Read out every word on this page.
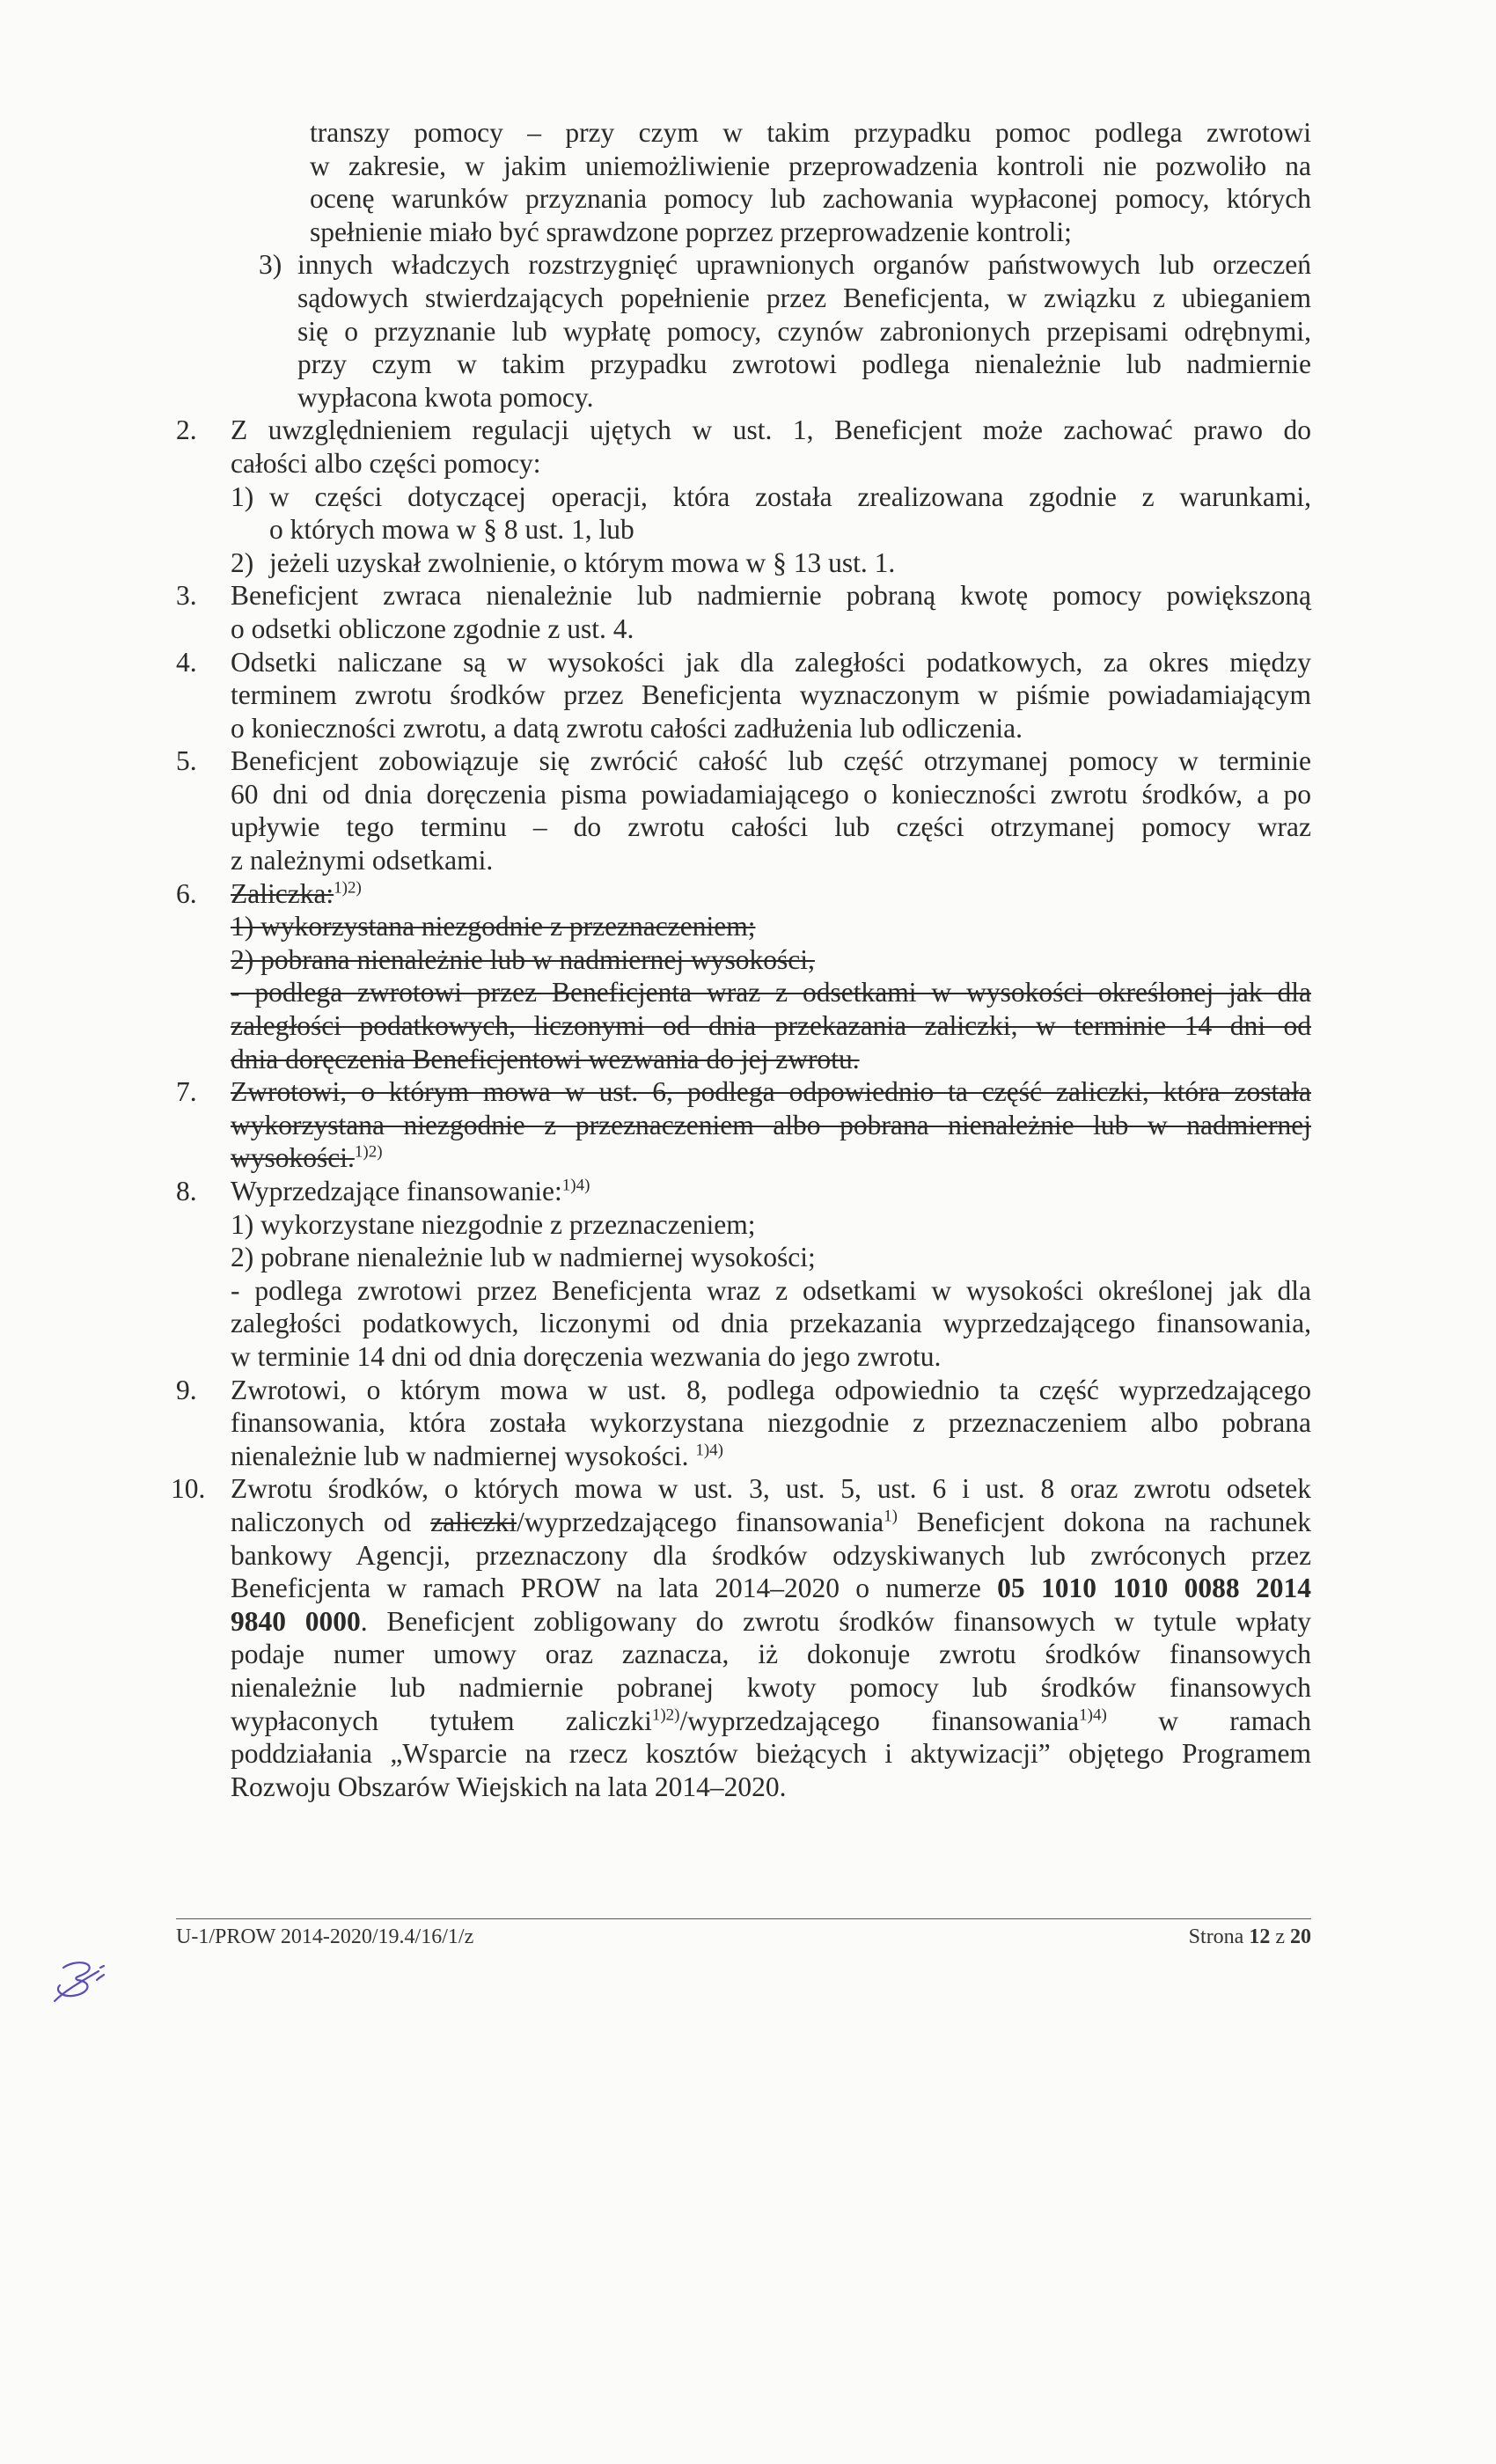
transzy pomocy – przy czym w takim przypadku pomoc podlega zwrotowi
w zakresie, w jakim uniemożliwienie przeprowadzenia kontroli nie pozwoliło na
ocenę warunków przyznania pomocy lub zachowania wypłaconej pomocy, których
spełnienie miało być sprawdzone poprzez przeprowadzenie kontroli;
3) innych władczych rozstrzygnięć uprawnionych organów państwowych lub orzeczeń
sądowych stwierdzających popełnienie przez Beneficjenta, w związku z ubieganiem
się o przyznanie lub wypłatę pomocy, czynów zabronionych przepisami odrębnymi,
przy czym w takim przypadku zwrotowi podlega nienależnie lub nadmiernie
wypłacona kwota pomocy.
2. Z uwzględnieniem regulacji ujętych w ust. 1, Beneficjent może zachować prawo do
całości albo części pomocy:
1) w części dotyczącej operacji, która została zrealizowana zgodnie z warunkami,
o których mowa w § 8 ust. 1, lub
2) jeżeli uzyskał zwolnienie, o którym mowa w § 13 ust. 1.
3. Beneficjent zwraca nienależnie lub nadmiernie pobraną kwotę pomocy powiększoną
o odsetki obliczone zgodnie z ust. 4.
4. Odsetki naliczane są w wysokości jak dla zaległości podatkowych, za okres między
terminem zwrotu środków przez Beneficjenta wyznaczonym w piśmie powiadamiającym
o konieczności zwrotu, a datą zwrotu całości zadłużenia lub odliczenia.
5. Beneficjent zobowiązuje się zwrócić całość lub część otrzymanej pomocy w terminie
60 dni od dnia doręczenia pisma powiadamiającego o konieczności zwrotu środków, a po
upływie tego terminu – do zwrotu całości lub części otrzymanej pomocy wraz
z należnymi odsetkami.
6. Zaliczka:$^{1)2)}$
1) wykorzystana niezgodnie z przeznaczeniem;
2) pobrana nienależnie lub w nadmiernej wysokości,
- podlega zwrotowi przez Beneficjenta wraz z odsetkami w wysokości określonej jak dla
zaległości podatkowych, liczonymi od dnia przekazania zaliczki, w terminie 14 dni od
dnia doręczenia Beneficjentowi wezwania do jej zwrotu.
7. Zwrotowi, o którym mowa w ust. 6, podlega odpowiednio ta część zaliczki, która została
wykorzystana niezgodnie z przeznaczeniem albo pobrana nienależnie lub w nadmiernej
wysokości.$^{1)2)}$
8. Wyprzedzające finansowanie:$^{1)4)}$
1) wykorzystane niezgodnie z przeznaczeniem;
2) pobrane nienależnie lub w nadmiernej wysokości;
- podlega zwrotowi przez Beneficjenta wraz z odsetkami w wysokości określonej jak dla
zaległości podatkowych, liczonymi od dnia przekazania wyprzedzającego finansowania,
w terminie 14 dni od dnia doręczenia wezwania do jego zwrotu.
9. Zwrotowi, o którym mowa w ust. 8, podlega odpowiednio ta część wyprzedzającego
finansowania, która została wykorzystana niezgodnie z przeznaczeniem albo pobrana
nienależnie lub w nadmiernej wysokości. $^{1)4)}$
10. Zwrotu środków, o których mowa w ust. 3, ust. 5, ust. 6 i ust. 8 oraz zwrotu odsetek
naliczonych od zaliczki/wyprzedzającego finansowania$^{1)}$ Beneficjent dokona na rachunek
bankowy Agencji, przeznaczony dla środków odzyskiwanych lub zwróconych przez
Beneficjenta w ramach PROW na lata 2014–2020 o numerze 05 1010 1010 0088 2014
9840 0000. Beneficjent zobligowany do zwrotu środków finansowych w tytule wpłaty
podaje numer umowy oraz zaznacza, iż dokonuje zwrotu środków finansowych
nienależnie lub nadmiernie pobranej kwoty pomocy lub środków finansowych
wypłaconych tytułem zaliczki$^{1)2)}$/wyprzedzającego finansowania$^{1)4)}$ w ramach
poddziałania „Wsparcie na rzecz kosztów bieżących i aktywizacji” objętego Programem
Rozwoju Obszarów Wiejskich na lata 2014–2020.
U-1/PROW 2014-2020/19.4/16/1/z	Strona 12 z 20
